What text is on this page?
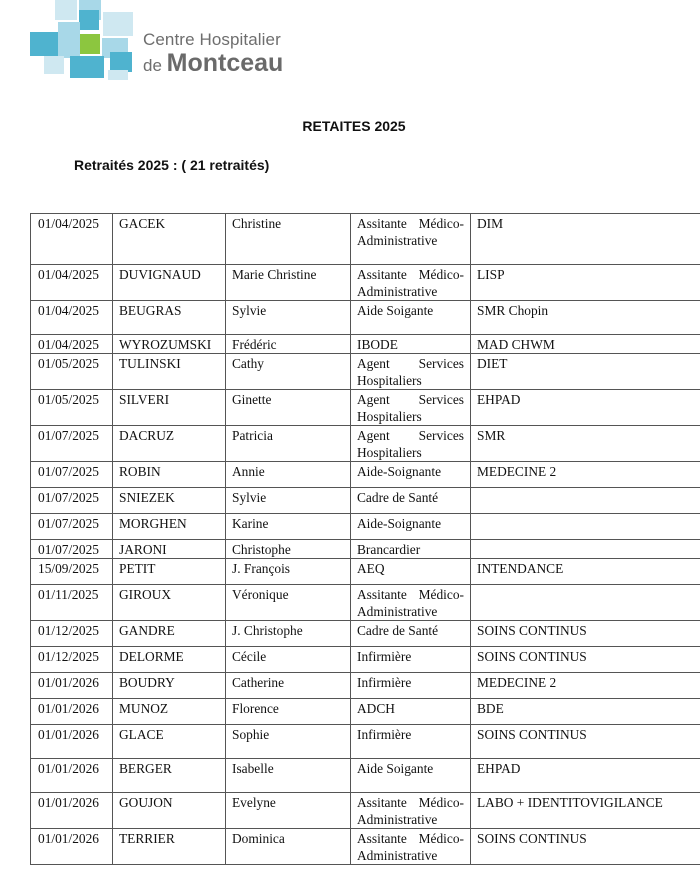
Centre Hospitalier
de Montceau
RETAITES 2025
Retraités 2025 : ( 21 retraités)
01/04/2025	GACEK	Christine	Assitante Médico-Administrative	DIM
01/04/2025	DUVIGNAUD	Marie Christine	Assitante Médico-Administrative	LISP
01/04/2025	BEUGRAS	Sylvie	Aide Soigante	SMR Chopin
01/04/2025	WYROZUMSKI	Frédéric	IBODE	MAD CHWM
01/05/2025	TULINSKI	Cathy	Agent Services Hospitaliers	DIET
01/05/2025	SILVERI	Ginette	Agent Services Hospitaliers	EHPAD
01/07/2025	DACRUZ	Patricia	Agent Services Hospitaliers	SMR
01/07/2025	ROBIN	Annie	Aide-Soignante	MEDECINE 2
01/07/2025	SNIEZEK	Sylvie	Cadre de Santé	
01/07/2025	MORGHEN	Karine	Aide-Soignante	
01/07/2025	JARONI	Christophe	Brancardier	
15/09/2025	PETIT	J. François	AEQ	INTENDANCE
01/11/2025	GIROUX	Véronique	Assitante Médico-Administrative	
01/12/2025	GANDRE	J. Christophe	Cadre de Santé	SOINS CONTINUS
01/12/2025	DELORME	Cécile	Infirmière	SOINS CONTINUS
01/01/2026	BOUDRY	Catherine	Infirmière	MEDECINE 2
01/01/2026	MUNOZ	Florence	ADCH	BDE
01/01/2026	GLACE	Sophie	Infirmière	SOINS CONTINUS
01/01/2026	BERGER	Isabelle	Aide Soigante	EHPAD
01/01/2026	GOUJON	Evelyne	Assitante Médico-Administrative	LABO + IDENTITOVIGILANCE
01/01/2026	TERRIER	Dominica	Assitante Médico-Administrative	SOINS CONTINUS
